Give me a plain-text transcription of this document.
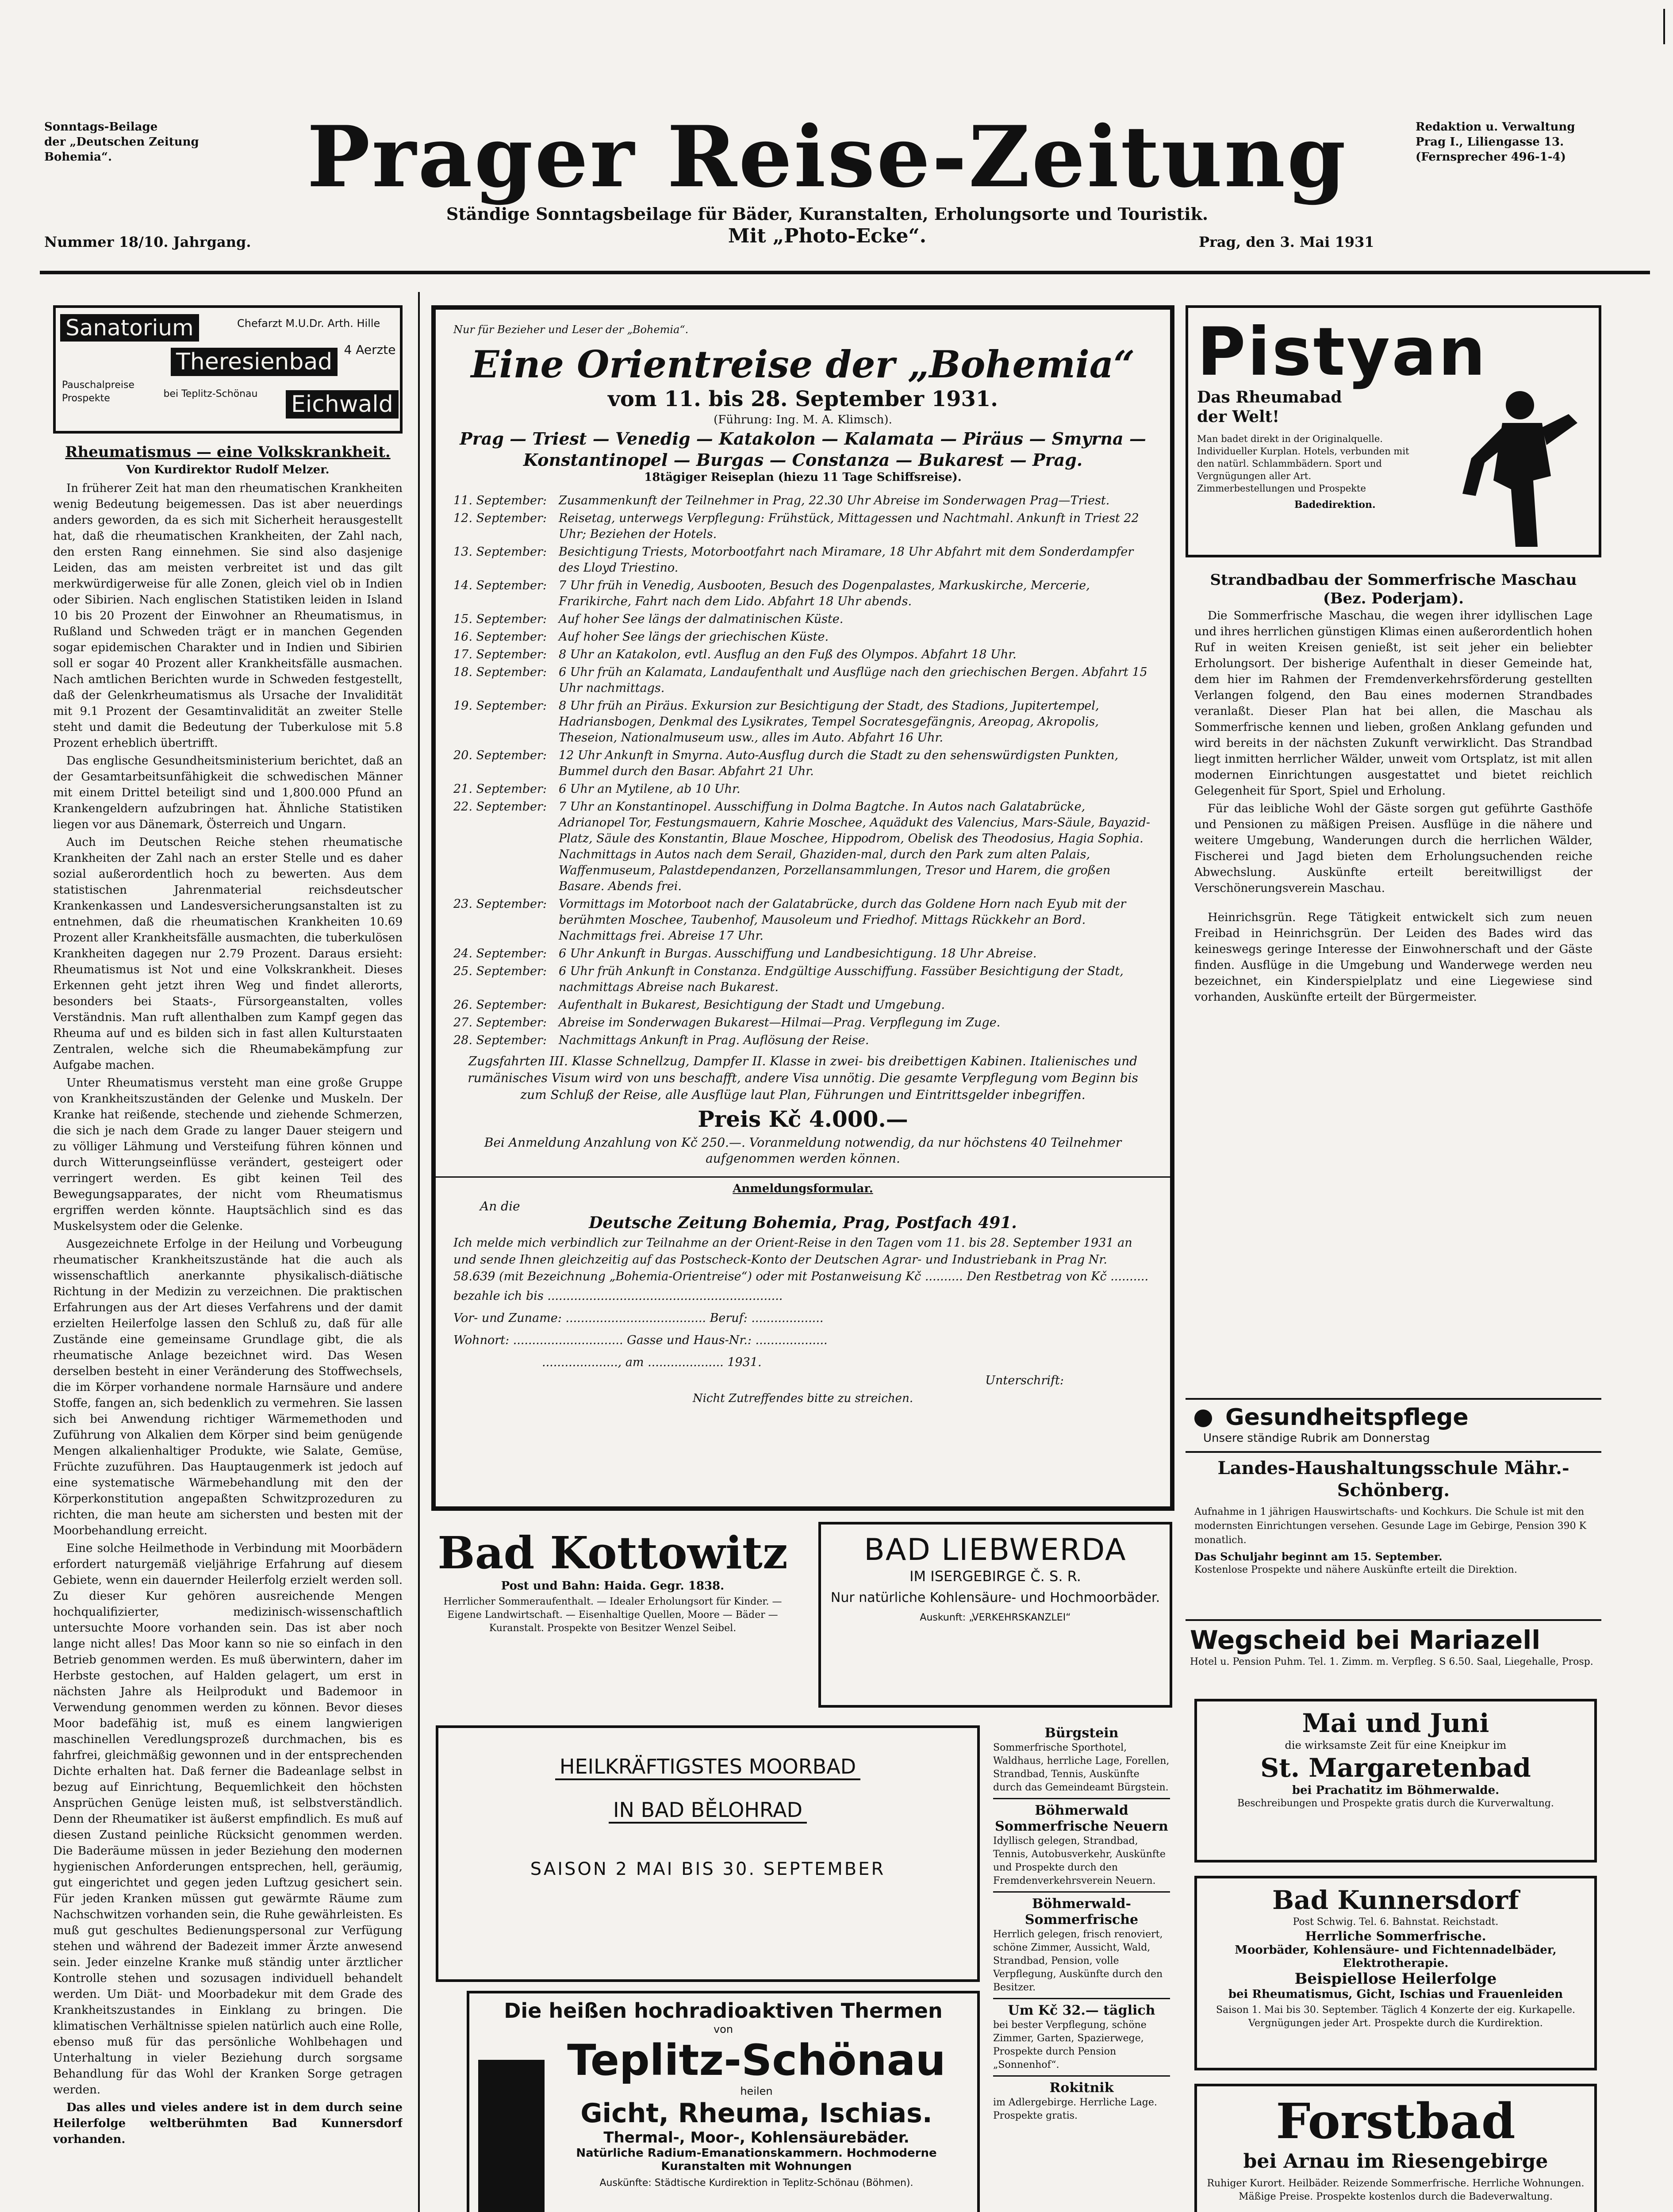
Sonntags-Beilage
der „Deutschen Zeitung
Bohemia“.	Prager Reise-Zeitung	Redaktion u. Verwaltung
Prag I., Liliengasse 13.
(Fernsprecher 496-1-4)
Ständige Sonntagsbeilage für Bäder, Kuranstalten, Erholungsorte und Touristik.
Mit „Photo-Ecke“.
Nummer 18/10. Jahrgang.	Prag, den 3. Mai 1931
Sanatorium	Chefarzt M.U.Dr. Arth. Hille
Theresienbad 4 Aerzte
Pauschalpreise Prospekte	bei Teplitz-Schönau Eichwald
Rheumatismus — eine Volkskrankheit.
Von Kurdirektor Rudolf Melzer.

In früherer Zeit hat man den rheumatischen Krankheiten wenig Bedeutung beigemessen. Das ist aber neuerdings anders geworden, da es sich mit Sicherheit herausgestellt hat, daß die rheumatischen Krankheiten, der Zahl nach, den ersten Rang einnehmen. Sie sind also dasjenige Leiden, das am meisten verbreitet ist und das gilt merkwürdigerweise für alle Zonen, gleich viel ob in Indien oder Sibirien. Nach englischen Statistiken leiden in Island 10 bis 20 Prozent der Einwohner an Rheumatismus, in Rußland und Schweden trägt er in manchen Gegenden sogar epidemischen Charakter und in Indien und Sibirien soll er sogar 40 Prozent aller Krankheitsfälle ausmachen. Nach amtlichen Berichten wurde in Schweden festgestellt, daß der Gelenkrheumatismus als Ursache der Invalidität mit 9.1 Prozent der Gesamtinvalidität an zweiter Stelle steht und damit die Bedeutung der Tuberkulose mit 5.8 Prozent erheblich übertrifft.

Das englische Gesundheitsministerium berichtet, daß an der Gesamtarbeitsunfähigkeit die schwedischen Männer mit einem Drittel beteiligt sind und 1,800.000 Pfund an Krankengeldern aufzubringen hat. Ähnliche Statistiken liegen vor aus Dänemark, Österreich und Ungarn.

Auch im Deutschen Reiche stehen rheumatische Krankheiten der Zahl nach an erster Stelle und es daher sozial außerordentlich hoch zu bewerten. Aus dem statistischen Jahrenmaterial reichsdeutscher Krankenkassen und Landesversicherungsanstalten ist zu entnehmen, daß die rheumatischen Krankheiten 10.69 Prozent aller Krankheitsfälle ausmachten, die tuberkulösen Krankheiten dagegen nur 2.79 Prozent. Daraus ersieht: Rheumatismus ist Not und eine Volkskrankheit. Dieses Erkennen geht jetzt ihren Weg und findet allerorts, besonders bei Staats-, Fürsorgeanstalten, volles Verständnis. Man ruft allenthalben zum Kampf gegen das Rheuma auf und es bilden sich in fast allen Kulturstaaten Zentralen, welche sich die Rheumabekämpfung zur Aufgabe machen.

Unter Rheumatismus versteht man eine große Gruppe von Krankheitszuständen der Gelenke und Muskeln. Der Kranke hat reißende, stechende und ziehende Schmerzen, die sich je nach dem Grade zu langer Dauer steigern und zu völliger Lähmung und Versteifung führen können und durch Witterungseinflüsse verändert, gesteigert oder verringert werden. Es gibt keinen Teil des Bewegungsapparates, der nicht vom Rheumatismus ergriffen werden könnte. Hauptsächlich sind es das Muskelsystem oder die Gelenke.

Ausgezeichnete Erfolge in der Heilung und Vorbeugung rheumatischer Krankheitszustände hat die auch als wissenschaftlich anerkannte physikalisch-diätische Richtung in der Medizin zu verzeichnen. Die praktischen Erfahrungen aus der Art dieses Verfahrens und der damit erzielten Heilerfolge lassen den Schluß zu, daß für alle Zustände eine gemeinsame Grundlage gibt, die als rheumatische Anlage bezeichnet wird. Das Wesen derselben besteht in einer Veränderung des Stoffwechsels, die im Körper vorhandene normale Harnsäure und andere Stoffe, fangen an, sich bedenklich zu vermehren. Sie lassen sich bei Anwendung richtiger Wärmemethoden und Zuführung von Alkalien dem Körper sind beim genügende Mengen alkalienhaltiger Produkte, wie Salate, Gemüse, Früchte zuzuführen. Das Hauptaugenmerk ist jedoch auf eine systematische Wärmebehandlung mit den der Körperkonstitution angepaßten Schwitzprozeduren zu richten, die man heute am sichersten und besten mit der Moorbehandlung erreicht.

Eine solche Heilmethode in Verbindung mit Moorbädern erfordert naturgemäß vieljährige Erfahrung auf diesem Gebiete, wenn ein dauernder Heilerfolg erzielt werden soll. Zu dieser Kur gehören ausreichende Mengen hochqualifizierter, medizinisch-wissenschaftlich untersuchte Moore vorhanden sein. Das ist aber noch lange nicht alles! Das Moor kann so nie so einfach in den Betrieb genommen werden. Es muß überwintern, daher im Herbste gestochen, auf Halden gelagert, um erst in nächsten Jahre als Heilprodukt und Bademoor in Verwendung genommen werden zu können. Bevor dieses Moor badefähig ist, muß es einem langwierigen maschinellen Veredlungsprozeß durchmachen, bis es fahrfrei, gleichmäßig gewonnen und in der entsprechenden Dichte erhalten hat. Daß ferner die Badeanlage selbst in bezug auf Einrichtung, Bequemlichkeit den höchsten Ansprüchen Genüge leisten muß, ist selbstverständlich. Denn der Rheumatiker ist äußerst empfindlich. Es muß auf diesen Zustand peinliche Rücksicht genommen werden. Die Baderäume müssen in jeder Beziehung den modernen hygienischen Anforderungen entsprechen, hell, geräumig, gut eingerichtet und gegen jeden Luftzug gesichert sein. Für jeden Kranken müssen gut gewärmte Räume zum Nachschwitzen vorhanden sein, die Ruhe gewährleisten. Es muß gut geschultes Bedienungspersonal zur Verfügung stehen und während der Badezeit immer Ärzte anwesend sein. Jeder einzelne Kranke muß ständig unter ärztlicher Kontrolle stehen und sozusagen individuell behandelt werden. Um Diät- und Moorbadekur mit dem Grade des Krankheitszustandes in Einklang zu bringen. Die klimatischen Verhältnisse spielen natürlich auch eine Rolle, ebenso muß für das persönliche Wohlbehagen und Unterhaltung in vieler Beziehung durch sorgsame Behandlung für das Wohl der Kranken Sorge getragen werden.

Das alles und vieles andere ist in dem durch seine Heilerfolge weltberühmten Bad Kunnersdorf vorhanden.

Nur für Bezieher und Leser der „Bohemia“.
Eine Orientreise der „Bohemia“
vom 11. bis 28. September 1931.
(Führung: Ing. M. A. Klimsch).
Prag — Triest — Venedig — Katakolon — Kalamata — Piräus — Smyrna — Konstantinopel — Burgas — Constanza — Bukarest — Prag.
18tägiger Reiseplan (hiezu 11 Tage Schiffsreise).
11. September:	Zusammenkunft der Teilnehmer in Prag, 22.30 Uhr Abreise im Sonderwagen Prag—Triest.
12. September:	Reisetag, unterwegs Verpflegung: Frühstück, Mittagessen und Nachtmahl. Ankunft in Triest 22 Uhr; Beziehen der Hotels.
13. September:	Besichtigung Triests, Motorbootfahrt nach Miramare, 18 Uhr Abfahrt mit dem Sonderdampfer des Lloyd Triestino.
14. September:	7 Uhr früh in Venedig, Ausbooten, Besuch des Dogenpalastes, Markuskirche, Mercerie, Frarikirche, Fahrt nach dem Lido. Abfahrt 18 Uhr abends.
15. September:	Auf hoher See längs der dalmatinischen Küste.
16. September:	Auf hoher See längs der griechischen Küste.
17. September:	8 Uhr an Katakolon, evtl. Ausflug an den Fuß des Olympos. Abfahrt 18 Uhr.
18. September:	6 Uhr früh an Kalamata, Landaufenthalt und Ausflüge nach den griechischen Bergen. Abfahrt 15 Uhr nachmittags.
19. September:	8 Uhr früh an Piräus. Exkursion zur Besichtigung der Stadt, des Stadions, Jupitertempel, Hadriansbogen, Denkmal des Lysikrates, Tempel Socratesgefängnis, Areopag, Akropolis, Theseion, Nationalmuseum usw., alles im Auto. Abfahrt 16 Uhr.
20. September:	12 Uhr Ankunft in Smyrna. Auto-Ausflug durch die Stadt zu den sehenswürdigsten Punkten, Bummel durch den Basar. Abfahrt 21 Uhr.
21. September:	6 Uhr an Mytilene, ab 10 Uhr.
22. September:	7 Uhr an Konstantinopel. Ausschiffung in Dolma Bagtche. In Autos nach Galatabrücke, Adrianopel Tor, Festungsmauern, Kahrie Moschee, Aquädukt des Valencius, Mars-Säule, Bayazid-Platz, Säule des Konstantin, Blaue Moschee, Hippodrom, Obelisk des Theodosius, Hagia Sophia. Nachmittags in Autos nach dem Serail, Ghaziden-mal, durch den Park zum alten Palais, Waffenmuseum, Palastdependanzen, Porzellansammlungen, Tresor und Harem, die großen Basare. Abends frei.
23. September:	Vormittags im Motorboot nach der Galatabrücke, durch das Goldene Horn nach Eyub mit der berühmten Moschee, Taubenhof, Mausoleum und Friedhof. Mittags Rückkehr an Bord. Nachmittags frei. Abreise 17 Uhr.
24. September:	6 Uhr Ankunft in Burgas. Ausschiffung und Landbesichtigung. 18 Uhr Abreise.
25. September:	6 Uhr früh Ankunft in Constanza. Endgültige Ausschiffung. Fassüber Besichtigung der Stadt, nachmittags Abreise nach Bukarest.
26. September:	Aufenthalt in Bukarest, Besichtigung der Stadt und Umgebung.
27. September:	Abreise im Sonderwagen Bukarest—Hilmai—Prag. Verpflegung im Zuge.
28. September:	Nachmittags Ankunft in Prag. Auflösung der Reise.
Zugsfahrten III. Klasse Schnellzug, Dampfer II. Klasse in zwei- bis dreibettigen Kabinen. Italienisches und rumänisches Visum wird von uns beschafft, andere Visa unnötig. Die gesamte Verpflegung vom Beginn bis zum Schluß der Reise, alle Ausflüge laut Plan, Führungen und Eintrittsgelder inbegriffen.
Preis Kč 4.000.—
Bei Anmeldung Anzahlung von Kč 250.—. Voranmeldung notwendig, da nur höchstens 40 Teilnehmer aufgenommen werden können.
Anmeldungsformular.
An die
Deutsche Zeitung Bohemia, Prag, Postfach 491.
Ich melde mich verbindlich zur Teilnahme an der Orient-Reise in den Tagen vom 11. bis 28. September 1931 an und sende Ihnen gleichzeitig auf das Postscheck-Konto der Deutschen Agrar- und Industriebank in Prag Nr. 58.639 (mit Bezeichnung „Bohemia-Orientreise“) oder mit Postanweisung Kč .......... Den Restbetrag von Kč ..........
bezahle ich bis ..............................................................
Vor- und Zuname: ..................................... Beruf: ...................
Wohnort: ............................. Gasse und Haus-Nr.: ...................
...................., am .................... 1931.
Unterschrift:
Nicht Zutreffendes bitte zu streichen.
Pistyan
Das Rheumabad der Welt!
Man badet direkt in der Originalquelle. Individueller Kurplan. Hotels, verbunden mit den natürl. Schlammbädern. Sport und Vergnügungen aller Art. Zimmerbestellungen und Prospekte
Badedirektion.
Strandbadbau der Sommerfrische Maschau (Bez. Poderjam).

Die Sommerfrische Maschau, die wegen ihrer idyllischen Lage und ihres herrlichen günstigen Klimas einen außerordentlich hohen Ruf in weiten Kreisen genießt, ist seit jeher ein beliebter Erholungsort. Der bisherige Aufenthalt in dieser Gemeinde hat, dem hier im Rahmen der Fremdenverkehrsförderung gestellten Verlangen folgend, den Bau eines modernen Strandbades veranlaßt. Dieser Plan hat bei allen, die Maschau als Sommerfrische kennen und lieben, großen Anklang gefunden und wird bereits in der nächsten Zukunft verwirklicht. Das Strandbad liegt inmitten herrlicher Wälder, unweit vom Ortsplatz, ist mit allen modernen Einrichtungen ausgestattet und bietet reichlich Gelegenheit für Sport, Spiel und Erholung.

Für das leibliche Wohl der Gäste sorgen gut geführte Gasthöfe und Pensionen zu mäßigen Preisen. Ausflüge in die nähere und weitere Umgebung, Wanderungen durch die herrlichen Wälder, Fischerei und Jagd bieten dem Erholungsuchenden reiche Abwechslung. Auskünfte erteilt bereitwilligst der Verschönerungsverein Maschau.

Heinrichsgrün. Rege Tätigkeit entwickelt sich zum neuen Freibad in Heinrichsgrün. Der Leiden des Bades wird das keineswegs geringe Interesse der Einwohnerschaft und der Gäste finden. Ausflüge in die Umgebung und Wanderwege werden neu bezeichnet, ein Kinderspielplatz und eine Liegewiese sind vorhanden, Auskünfte erteilt der Bürgermeister.

Gesundheitspflege
Unsere ständige Rubrik am Donnerstag
Landes-Haushaltungsschule Mähr.-Schönberg.
Aufnahme in 1 jährigen Hauswirtschafts- und Kochkurs. Die Schule ist mit den modernsten Einrichtungen versehen. Gesunde Lage im Gebirge, Pension 390 K monatlich.
Das Schuljahr beginnt am 15. September.
Kostenlose Prospekte und nähere Auskünfte erteilt die Direktion.
Wegscheid bei Mariazell
Hotel u. Pension Puhm. Tel. 1. Zimm. m. Verpfleg. S 6.50. Saal, Liegehalle, Prosp.
Mai und Juni
die wirksamste Zeit für eine Kneipkur im
St. Margaretenbad
bei Prachatitz im Böhmerwalde.
Beschreibungen und Prospekte gratis durch die Kurverwaltung.
Bad Kunnersdorf
Post Schwig. Tel. 6. Bahnstat. Reichstadt.
Herrliche Sommerfrische.
Moorbäder, Kohlensäure- und Fichtennadelbäder, Elektrotherapie.
Beispiellose Heilerfolge
bei Rheumatismus, Gicht, Ischias und Frauenleiden
Saison 1. Mai bis 30. September. Täglich 4 Konzerte der eig. Kurkapelle. Vergnügungen jeder Art. Prospekte durch die Kurdirektion.
Forstbad
bei Arnau im Riesengebirge
Ruhiger Kurort. Heilbäder. Reizende Sommerfrische. Herrliche Wohnungen. Mäßige Preise. Prospekte kostenlos durch die Badeverwaltung.
Bad Kottowitz
Post und Bahn: Haida. Gegr. 1838.
Herrlicher Sommeraufenthalt. — Idealer Erholungsort für Kinder. — Eigene Landwirtschaft. — Eisenhaltige Quellen, Moore — Bäder — Kuranstalt. Prospekte von Besitzer Wenzel Seibel.
BAD LIEBWERDA
IM ISERGEBIRGE Č. S. R.
Nur natürliche Kohlensäure- und Hochmoorbäder.
Auskunft: „VERKEHRSKANZLEI“
HEILKRÄFTIGSTES MOORBAD
IN BAD BĚLOHRAD
SAISON 2 MAI BIS 30. SEPTEMBER
Die heißen hochradioaktiven Thermen
von
Teplitz-Schönau
heilen
Gicht, Rheuma, Ischias.
Thermal-, Moor-, Kohlensäurebäder.
Natürliche Radium-Emanationskammern. Hochmoderne Kuranstalten mit Wohnungen
Auskünfte: Städtische Kurdirektion in Teplitz-Schönau (Böhmen).
Bürgstein
Sommerfrische Sporthotel, Waldhaus, herrliche Lage, Forellen, Strandbad, Tennis, Auskünfte durch das Gemeindeamt Bürgstein.
Böhmerwald Sommerfrische Neuern
Idyllisch gelegen, Strandbad, Tennis, Autobusverkehr, Auskünfte und Prospekte durch den Fremdenverkehrsverein Neuern.
Böhmerwald-Sommerfrische
Herrlich gelegen, frisch renoviert, schöne Zimmer, Aussicht, Wald, Strandbad, Pension, volle Verpflegung, Auskünfte durch den Besitzer.
Um Kč 32.— täglich
bei bester Verpflegung, schöne Zimmer, Garten, Spazierwege, Prospekte durch Pension „Sonnenhof“.
Rokitnik
im Adlergebirge. Herrliche Lage. Prospekte gratis.
